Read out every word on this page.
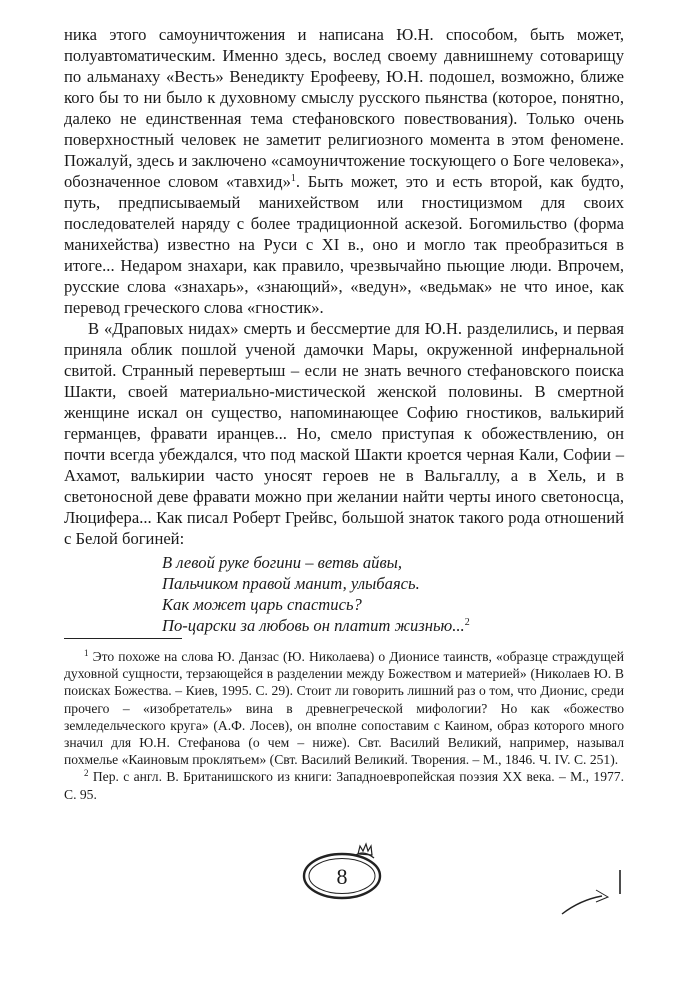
ника этого самоуничтожения и написана Ю.Н. способом, быть может, полуавтоматическим. Именно здесь, вослед своему давнишнему сотоварищу по альманаху «Весть» Венедикту Ерофееву, Ю.Н. подошел, возможно, ближе кого бы то ни было к духовному смыслу русского пьянства (которое, понятно, далеко не единственная тема стефановского повествования). Только очень поверхностный человек не заметит религиозного момента в этом феномене. Пожалуй, здесь и заключено «самоуничтожение тоскующего о Боге человека», обозначенное словом «тавхид»$^1$. Быть может, это и есть второй, как будто, путь, предписываемый манихейством или гностицизмом для своих последователей наряду с более традиционной аскезой. Богомильство (форма манихейства) известно на Руси с XI в., оно и могло так преобразиться в итоге... Недаром знахари, как правило, чрезвычайно пьющие люди. Впрочем, русские слова «знахарь», «знающий», «ведун», «ведьмак» не что иное, как перевод греческого слова «гностик».

В «Драповых нидах» смерть и бессмертие для Ю.Н. разделились, и первая приняла облик пошлой ученой дамочки Мары, окруженной инфернальной свитой. Странный перевертыш – если не знать вечного стефановского поиска Шакти, своей материально-мистической женской половины. В смертной женщине искал он существо, напоминающее Софию гностиков, валькирий германцев, фравати иранцев... Но, смело приступая к обожествлению, он почти всегда убеждался, что под маской Шакти кроется черная Кали, Софии – Ахамот, валькирии часто уносят героев не в Вальгаллу, а в Хель, и в светоносной деве фравати можно при желании найти черты иного светоносца, Люцифера... Как писал Роберт Грейвс, большой знаток такого рода отношений с Белой богиней:

В левой руке богини – ветвь айвы,
Пальчиком правой манит, улыбаясь.
Как может царь спастись?
По-царски за любовь он платит жизнью...$^2$

$^1$ Это похоже на слова Ю. Данзас (Ю. Николаева) о Дионисе таинств, «образце страждущей духовной сущности, терзающейся в разделении между Божеством и материей» (Николаев Ю. В поисках Божества. – Киев, 1995. С. 29). Стоит ли говорить лишний раз о том, что Дионис, среди прочего – «изобретатель» вина в древнегреческой мифологии? Но как «божество земледельческого круга» (А.Ф. Лосев), он вполне сопоставим с Каином, образ которого много значил для Ю.Н. Стефанова (о чем – ниже). Свт. Василий Великий, например, называл похмелье «Каиновым проклятьем» (Свт. Василий Великий. Творения. – М., 1846. Ч. IV. С. 251).

$^2$ Пер. с англ. В. Британишского из книги: Западноевропейская поэзия XX века. – М., 1977. С. 95.

8
